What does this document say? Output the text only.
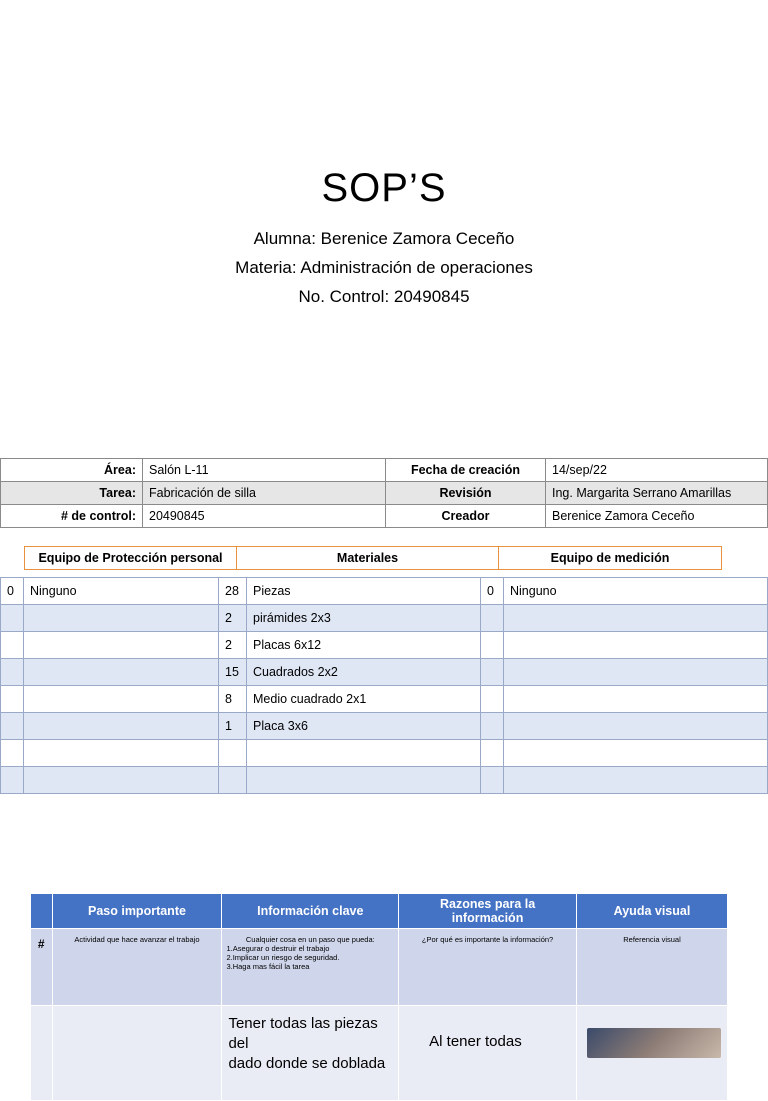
SOP’S
Alumna: Berenice Zamora Ceceño
Materia: Administración de operaciones
No. Control: 20490845
Área:	Salón L-11	Fecha de creación	14/sep/22
Tarea:	Fabricación de silla	Revisión	Ing. Margarita Serrano Amarillas
# de control:	20490845	Creador	Berenice Zamora Ceceño
Equipo de Protección personal	Materiales	Equipo de medición
0	Ninguno	28	Piezas	0	Ninguno
		2	pirámides 2x3		
		2	Placas 6x12		
		15	Cuadrados 2x2		
		8	Medio cuadrado 2x1		
		1	Placa 3x6		

	Paso importante	Información clave	Razones para la información	Ayuda visual
#	Actividad que hace avanzar el trabajo	Cualquier cosa en un paso que pueda:
1.Asegurar o destruir el trabajo
2.Implicar un riesgo de seguridad.
3.Haga mas fácil la tarea	¿Por qué es importante la información?	Referencia visual

		Tener todas las piezas del
dado donde se doblada	Al tener todas	
